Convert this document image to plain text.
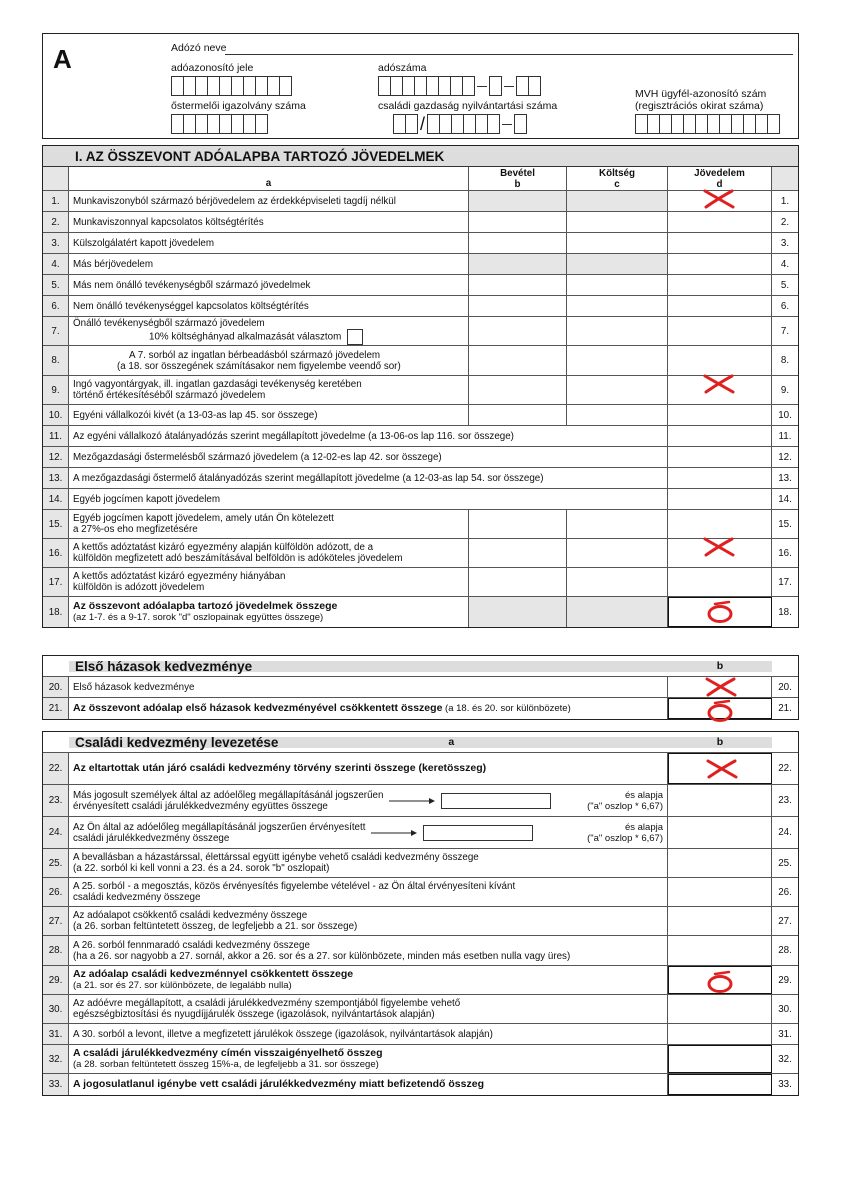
A	Adózó neve
adóazonosító jele	adószáma
őstermelői igazolvány száma	családi gazdaság nyilvántartási száma
/
MVH ügyfél-azonosító szám
(regisztrációs okirat száma)
I. AZ ÖSSZEVONT ADÓALAPBA TARTOZÓ JÖVEDELMEK
a
Bevétel
b
Költség
c
Jövedelem
d
1.	Munkaviszonyból származó bérjövedelem az érdekképviseleti tagdíj nélkül	1.
2.	Munkaviszonnyal kapcsolatos költségtérítés	2.
3.	Külszolgálatért kapott jövedelem	3.
4.	Más bérjövedelem	4.
5.	Más nem önálló tevékenységből származó jövedelmek	5.
6.	Nem önálló tevékenységgel kapcsolatos költségtérítés	6.
7.
Önálló tevékenységből származó jövedelem
10% költséghányad alkalmazását választom
7.
8.	A 7. sorból az ingatlan bérbeadásból származó jövedelem
(a 18. sor összegének számításakor nem figyelembe veendő sor)	8.
9.	Ingó vagyontárgyak, ill. ingatlan gazdasági tevékenység keretében
történő értékesítéséből származó jövedelem	9.
10.	Egyéni vállalkozói kivét (a 13-03-as lap 45. sor összege)	10.
11.	Az egyéni vállalkozó átalányadózás szerint megállapított jövedelme (a 13-06-os lap 116. sor összege)	11.
12.	Mezőgazdasági őstermelésből származó jövedelem (a 12-02-es lap 42. sor összege)	12.
13.	A mezőgazdasági őstermelő átalányadózás szerint megállapított jövedelme (a 12-03-as lap 54. sor összege)	13.
14.	Egyéb jogcímen kapott jövedelem	14.
15.	Egyéb jogcímen kapott jövedelem, amely után Ön kötelezett
a 27%-os eho megfizetésére	15.
16.	A kettős adóztatást kizáró egyezmény alapján külföldön adózott, de a
külföldön megfizetett adó beszámításával belföldön is adóköteles jövedelem	16.
17.	A kettős adóztatást kizáró egyezmény hiányában
külföldön is adózott jövedelem	17.
18.	Az összevont adóalapba tartozó jövedelmek összege
(az 1-7. és a 9-17. sorok "d" oszlopainak együttes összege)	18.
Első házasok kedvezménye	b
20.	Első házasok kedvezménye	20.
21.	Az összevont adóalap első házasok kedvezményével csökkentett összege (a 18. és 20. sor különbözete)	21.
Családi kedvezmény levezetése	a	b
22.	Az eltartottak után járó családi kedvezmény törvény szerinti összege (keretösszeg)	22.
23.	Más jogosult személyek által az adóelőleg megállapításánál jogszerűen
érvényesített családi járulékkedvezmény együttes összege
és alapja
("a" oszlop * 6,67)	23.
24.	Az Ön által az adóelőleg megállapításánál jogszerűen érvényesített
családi járulékkedvezmény összege
és alapja
("a" oszlop * 6,67)	24.
25.	A bevallásban a házastárssal, élettárssal együtt igénybe vehető családi kedvezmény összege
(a 22. sorból ki kell vonni a 23. és a 24. sorok "b" oszlopait)	25.
26.	A 25. sorból - a megosztás, közös érvényesítés figyelembe vételével - az Ön által érvényesíteni kívánt
családi kedvezmény összege	26.
27.	Az adóalapot csökkentő családi kedvezmény összege
(a 26. sorban feltüntetett összeg, de legfeljebb a 21. sor összege)	27.
28.	A 26. sorból fennmaradó családi kedvezmény összege
(ha a 26. sor nagyobb a 27. sornál, akkor a 26. sor és a 27. sor különbözete, minden más esetben nulla vagy üres)	28.
29.	Az adóalap családi kedvezménnyel csökkentett összege
(a 21. sor és 27. sor különbözete, de legalább nulla)	29.
30.	Az adóévre megállapított, a családi járulékkedvezmény szempontjából figyelembe vehető
egészségbiztosítási és nyugdíjjárulék összege (igazolások, nyilvántartások alapján)	30.
31.	A 30. sorból a levont, illetve a megfizetett járulékok összege (igazolások, nyilvántartások alapján)	31.
32.	A családi járulékkedvezmény címén visszaigényelhető összeg
(a 28. sorban feltüntetett összeg 15%-a, de legfeljebb a 31. sor összege)	32.
33.	A jogosulatlanul igénybe vett családi járulékkedvezmény miatt befizetendő összeg	33.
